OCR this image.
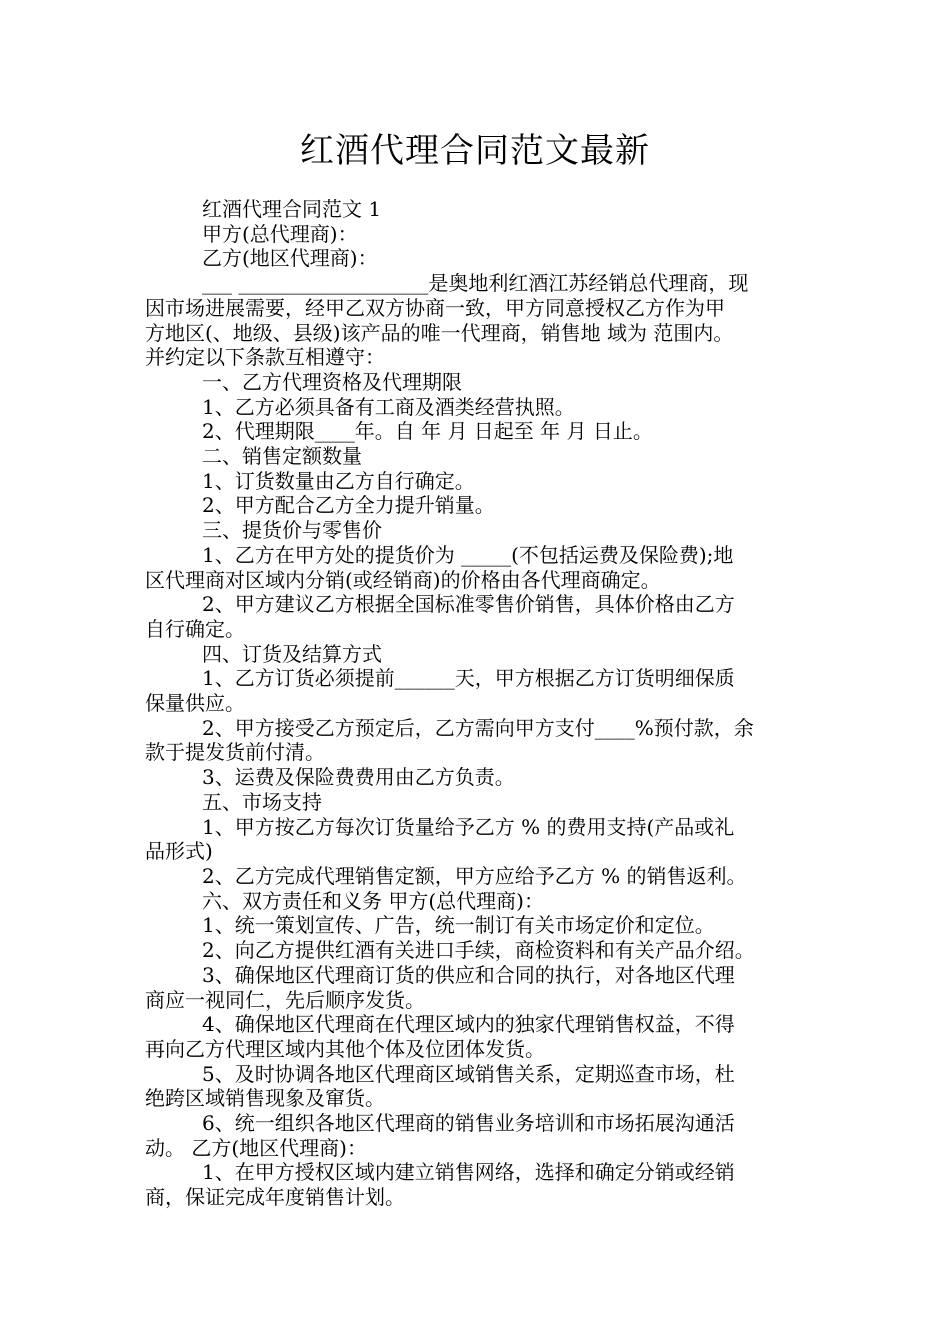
红酒代理合同范文最新

红酒代理合同范文 1

甲方(总代理商)：

乙方(地区代理商)：

___ ___________________是奥地利红酒江苏经销总代理商，现

因市场进展需要，经甲乙双方协商一致，甲方同意授权乙方作为甲

方地区(、地级、县级)该产品的唯一代理商，销售地 域为 范围内。

并约定以下条款互相遵守：

一、乙方代理资格及代理期限

1、乙方必须具备有工商及酒类经营执照。

2、代理期限____年。自 年 月 日起至 年 月 日止。

二、销售定额数量

1、订货数量由乙方自行确定。

2、甲方配合乙方全力提升销量。

三、提货价与零售价

1、乙方在甲方处的提货价为 _____(不包括运费及保险费);地

区代理商对区域内分销(或经销商)的价格由各代理商确定。

2、甲方建议乙方根据全国标准零售价销售，具体价格由乙方

自行确定。

四、订货及结算方式

1、乙方订货必须提前______天，甲方根据乙方订货明细保质

保量供应。

2、甲方接受乙方预定后，乙方需向甲方支付____%预付款，余

款于提发货前付清。

3、运费及保险费费用由乙方负责。

五、市场支持

1、甲方按乙方每次订货量给予乙方 % 的费用支持(产品或礼

品形式)

2、乙方完成代理销售定额，甲方应给予乙方 % 的销售返利。

六、双方责任和义务 甲方(总代理商)：

1、统一策划宣传、广告，统一制订有关市场定价和定位。

2、向乙方提供红酒有关进口手续，商检资料和有关产品介绍。

3、确保地区代理商订货的供应和合同的执行，对各地区代理

商应一视同仁，先后顺序发货。

4、确保地区代理商在代理区域内的独家代理销售权益，不得

再向乙方代理区域内其他个体及位团体发货。

5、及时协调各地区代理商区域销售关系，定期巡查市场，杜

绝跨区域销售现象及窜货。

6、统一组织各地区代理商的销售业务培训和市场拓展沟通活

动。 乙方(地区代理商)：

1、在甲方授权区域内建立销售网络，选择和确定分销或经销

商，保证完成年度销售计划。
